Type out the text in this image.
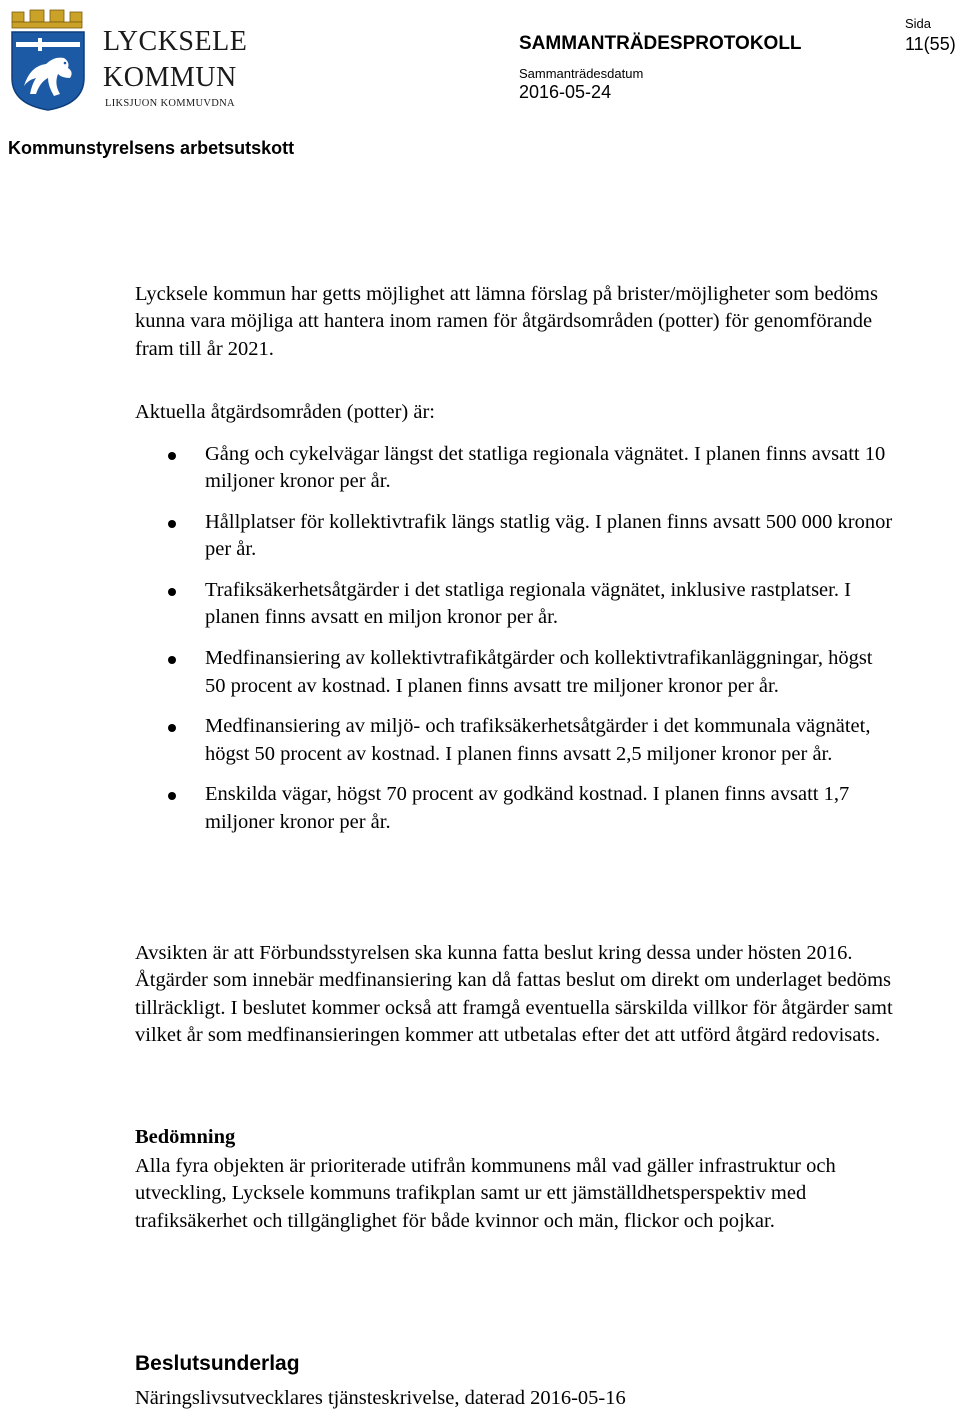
LYCKSELE
KOMMUN
LIKSJUON KOMMUVDNA
SAMMANTRÄDESPROTOKOLL
Sammanträdesdatum
2016-05-24
Sida
11(55)
Kommunstyrelsens arbetsutskott
Lycksele kommun har getts möjlighet att lämna förslag på brister/möjligheter som bedöms kunna vara möjliga att hantera inom ramen för åtgärdsområden (potter) för genomförande fram till år 2021.
Aktuella åtgärdsområden (potter) är:
Gång och cykelvägar längst det statliga regionala vägnätet. I planen finns avsatt 10 miljoner kronor per år.
Hållplatser för kollektivtrafik längs statlig väg. I planen finns avsatt 500 000 kronor per år.
Trafiksäkerhetsåtgärder i det statliga regionala vägnätet, inklusive rastplatser. I planen finns avsatt en miljon kronor per år.
Medfinansiering av kollektivtrafikåtgärder och kollektivtrafikanläggningar, högst 50 procent av kostnad. I planen finns avsatt tre miljoner kronor per år.
Medfinansiering av miljö- och trafiksäkerhetsåtgärder i det kommunala vägnätet, högst 50 procent av kostnad. I planen finns avsatt 2,5 miljoner kronor per år.
Enskilda vägar, högst 70 procent av godkänd kostnad. I planen finns avsatt 1,7 miljoner kronor per år.
Avsikten är att Förbundsstyrelsen ska kunna fatta beslut kring dessa under hösten 2016. Åtgärder som innebär medfinansiering kan då fattas beslut om direkt om underlaget bedöms tillräckligt. I beslutet kommer också att framgå eventuella särskilda villkor för åtgärder samt vilket år som medfinansieringen kommer att utbetalas efter det att utförd åtgärd redovisats.
Bedömning
Alla fyra objekten är prioriterade utifrån kommunens mål vad gäller infrastruktur och utveckling, Lycksele kommuns trafikplan samt ur ett jämställdhetsperspektiv med trafiksäkerhet och tillgänglighet för både kvinnor och män, flickor och pojkar.
Beslutsunderlag
Näringslivsutvecklares tjänsteskrivelse, daterad 2016-05-16
